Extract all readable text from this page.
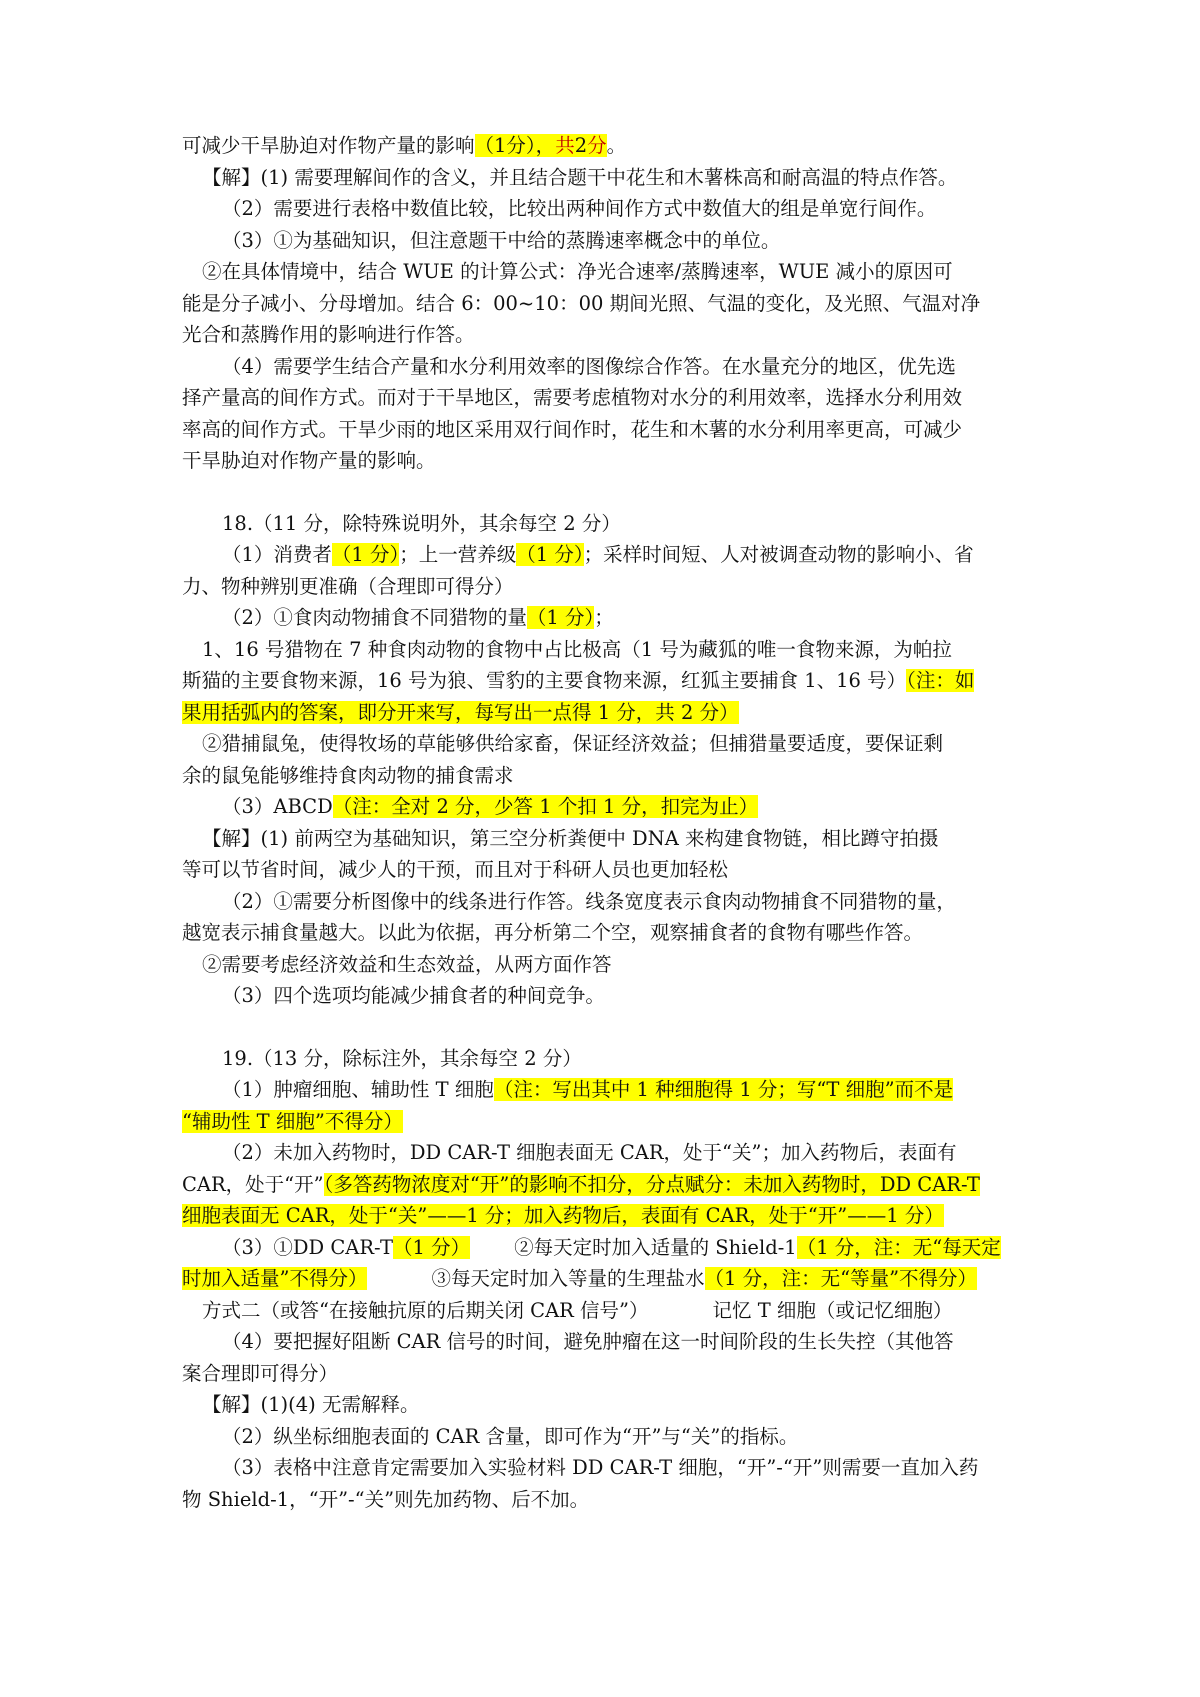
可减少干旱胁迫对作物产量的影响（1分），共2分。
【解】(1) 需要理解间作的含义，并且结合题干中花生和木薯株高和耐高温的特点作答。
（2）需要进行表格中数值比较，比较出两种间作方式中数值大的组是单宽行间作。
（3）①为基础知识，但注意题干中给的蒸腾速率概念中的单位。
②在具体情境中，结合 WUE 的计算公式：净光合速率/蒸腾速率，WUE 减小的原因可
能是分子减小、分母增加。结合 6：00~10：00 期间光照、气温的变化，及光照、气温对净
光合和蒸腾作用的影响进行作答。
（4）需要学生结合产量和水分利用效率的图像综合作答。在水量充分的地区，优先选
择产量高的间作方式。而对于干旱地区，需要考虑植物对水分的利用效率，选择水分利用效
率高的间作方式。干旱少雨的地区采用双行间作时，花生和木薯的水分利用率更高，可减少
干旱胁迫对作物产量的影响。
18.（11 分，除特殊说明外，其余每空 2 分）
（1）消费者（1 分）；上一营养级（1 分）；采样时间短、人对被调查动物的影响小、省
力、物种辨别更准确（合理即可得分）
（2）①食肉动物捕食不同猎物的量（1 分）；
1、16 号猎物在 7 种食肉动物的食物中占比极高（1 号为藏狐的唯一食物来源，为帕拉
斯猫的主要食物来源，16 号为狼、雪豹的主要食物来源，红狐主要捕食 1、16 号）（注：如
果用括弧内的答案，即分开来写，每写出一点得 1 分，共 2 分）
②猎捕鼠兔，使得牧场的草能够供给家畜，保证经济效益；但捕猎量要适度，要保证剩
余的鼠兔能够维持食肉动物的捕食需求
（3）ABCD（注：全对 2 分，少答 1 个扣 1 分，扣完为止）
【解】(1) 前两空为基础知识，第三空分析粪便中 DNA 来构建食物链，相比蹲守拍摄
等可以节省时间，减少人的干预，而且对于科研人员也更加轻松
（2）①需要分析图像中的线条进行作答。线条宽度表示食肉动物捕食不同猎物的量，
越宽表示捕食量越大。以此为依据，再分析第二个空，观察捕食者的食物有哪些作答。
②需要考虑经济效益和生态效益，从两方面作答
（3）四个选项均能减少捕食者的种间竞争。
19.（13 分，除标注外，其余每空 2 分）
（1）肿瘤细胞、辅助性 T 细胞（注：写出其中 1 种细胞得 1 分；写“T 细胞”而不是
“辅助性 T 细胞”不得分）
（2）未加入药物时，DD CAR-T 细胞表面无 CAR，处于“关”；加入药物后，表面有
CAR，处于“开”（多答药物浓度对“开”的影响不扣分，分点赋分：未加入药物时，DD CAR-T
细胞表面无 CAR，处于“关”——1 分；加入药物后，表面有 CAR，处于“开”——1 分）
（3）①DD CAR-T（1 分） ②每天定时加入适量的 Shield-1（1 分，注：无“每天定
时加入适量”不得分）	③每天定时加入等量的生理盐水（1 分，注：无“等量”不得分）
方式二（或答“在接触抗原的后期关闭 CAR 信号”）	记忆 T 细胞（或记忆细胞）
（4）要把握好阻断 CAR 信号的时间，避免肿瘤在这一时间阶段的生长失控（其他答
案合理即可得分）
【解】(1)(4) 无需解释。
（2）纵坐标细胞表面的 CAR 含量，即可作为“开”与“关”的指标。
（3）表格中注意肯定需要加入实验材料 DD CAR-T 细胞，“开”-“开”则需要一直加入药
物 Shield-1，“开”-“关”则先加药物、后不加。
